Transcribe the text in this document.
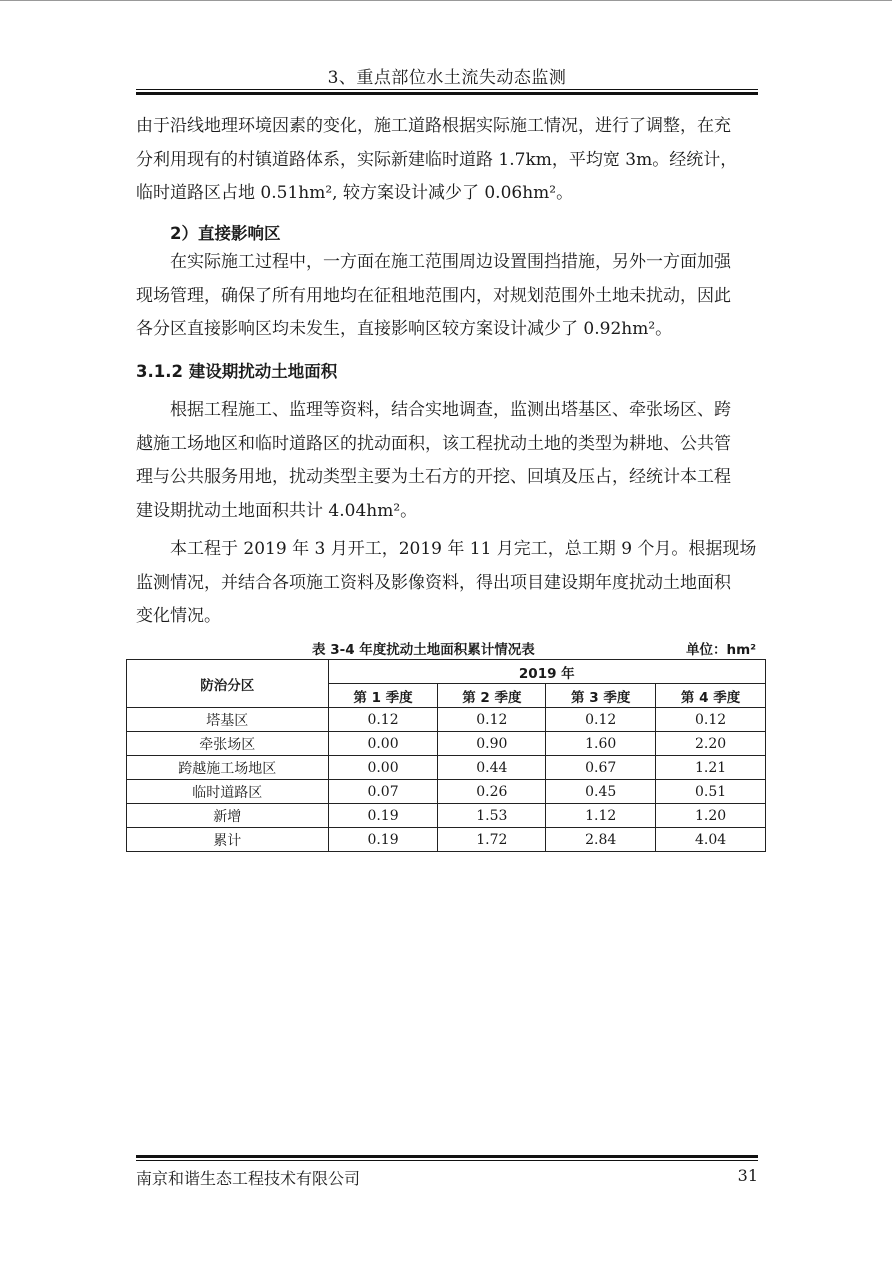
3、重点部位水土流失动态监测

由于沿线地理环境因素的变化，施工道路根据实际施工情况，进行了调整，在充
分利用现有的村镇道路体系，实际新建临时道路 1.7km，平均宽 3m。经统计，
临时道路区占地 0.51hm², 较方案设计减少了 0.06hm²。

2）直接影响区

在实际施工过程中，一方面在施工范围周边设置围挡措施，另外一方面加强
现场管理，确保了所有用地均在征租地范围内，对规划范围外土地未扰动，因此
各分区直接影响区均未发生，直接影响区较方案设计减少了 0.92hm²。

3.1.2 建设期扰动土地面积

根据工程施工、监理等资料，结合实地调查，监测出塔基区、牵张场区、跨
越施工场地区和临时道路区的扰动面积，该工程扰动土地的类型为耕地、公共管
理与公共服务用地，扰动类型主要为土石方的开挖、回填及压占，经统计本工程
建设期扰动土地面积共计 4.04hm²。

本工程于 2019 年 3 月开工，2019 年 11 月完工，总工期 9 个月。根据现场
监测情况，并结合各项施工资料及影像资料，得出项目建设期年度扰动土地面积
变化情况。

表 3-4 年度扰动土地面积累计情况表	单位：hm²
防治分区	2019 年			
	第 1 季度	第 2 季度	第 3 季度	第 4 季度
塔基区	0.12	0.12	0.12	0.12
牵张场区	0.00	0.90	1.60	2.20
跨越施工场地区	0.00	0.44	0.67	1.21
临时道路区	0.07	0.26	0.45	0.51
新增	0.19	1.53	1.12	1.20
累计	0.19	1.72	2.84	4.04
南京和谐生态工程技术有限公司	31
